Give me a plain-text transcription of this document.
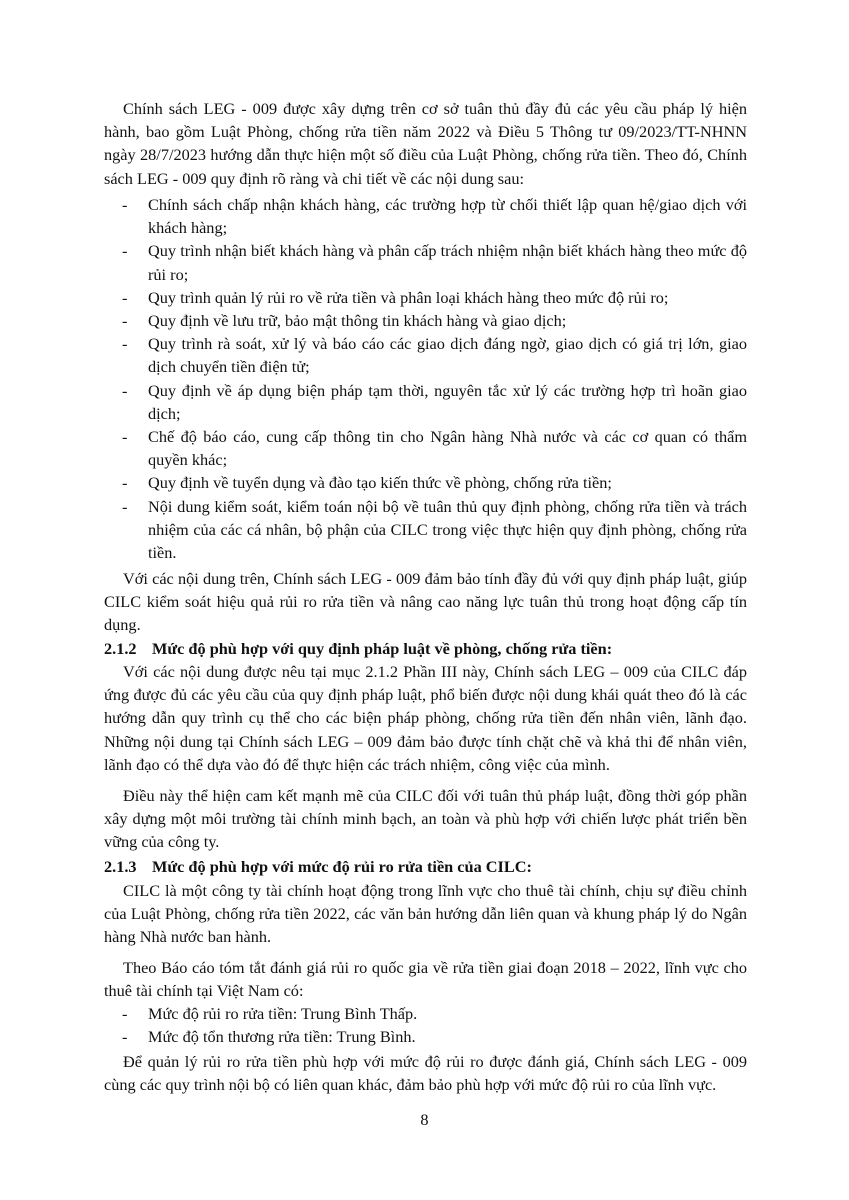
Chính sách LEG - 009 được xây dựng trên cơ sở tuân thủ đầy đủ các yêu cầu pháp lý hiện hành, bao gồm Luật Phòng, chống rửa tiền năm 2022 và Điều 5 Thông tư 09/2023/TT-NHNN ngày 28/7/2023 hướng dẫn thực hiện một số điều của Luật Phòng, chống rửa tiền. Theo đó, Chính sách LEG - 009 quy định rõ ràng và chi tiết về các nội dung sau:

- Chính sách chấp nhận khách hàng, các trường hợp từ chối thiết lập quan hệ/giao dịch với khách hàng;
- Quy trình nhận biết khách hàng và phân cấp trách nhiệm nhận biết khách hàng theo mức độ rủi ro;
- Quy trình quản lý rủi ro về rửa tiền và phân loại khách hàng theo mức độ rủi ro;
- Quy định về lưu trữ, bảo mật thông tin khách hàng và giao dịch;
- Quy trình rà soát, xử lý và báo cáo các giao dịch đáng ngờ, giao dịch có giá trị lớn, giao dịch chuyển tiền điện tử;
- Quy định về áp dụng biện pháp tạm thời, nguyên tắc xử lý các trường hợp trì hoãn giao dịch;
- Chế độ báo cáo, cung cấp thông tin cho Ngân hàng Nhà nước và các cơ quan có thẩm quyền khác;
- Quy định về tuyển dụng và đào tạo kiến thức về phòng, chống rửa tiền;
- Nội dung kiểm soát, kiểm toán nội bộ về tuân thủ quy định phòng, chống rửa tiền và trách nhiệm của các cá nhân, bộ phận của CILC trong việc thực hiện quy định phòng, chống rửa tiền.

Với các nội dung trên, Chính sách LEG - 009 đảm bảo tính đầy đủ với quy định pháp luật, giúp CILC kiểm soát hiệu quả rủi ro rửa tiền và nâng cao năng lực tuân thủ trong hoạt động cấp tín dụng.

2.1.2 Mức độ phù hợp với quy định pháp luật về phòng, chống rửa tiền:

Với các nội dung được nêu tại mục 2.1.2 Phần III này, Chính sách LEG – 009 của CILC đáp ứng được đủ các yêu cầu của quy định pháp luật, phổ biến được nội dung khái quát theo đó là các hướng dẫn quy trình cụ thể cho các biện pháp phòng, chống rửa tiền đến nhân viên, lãnh đạo. Những nội dung tại Chính sách LEG – 009 đảm bảo được tính chặt chẽ và khả thi để nhân viên, lãnh đạo có thể dựa vào đó để thực hiện các trách nhiệm, công việc của mình.

Điều này thể hiện cam kết mạnh mẽ của CILC đối với tuân thủ pháp luật, đồng thời góp phần xây dựng một môi trường tài chính minh bạch, an toàn và phù hợp với chiến lược phát triển bền vững của công ty.

2.1.3 Mức độ phù hợp với mức độ rủi ro rửa tiền của CILC:

CILC là một công ty tài chính hoạt động trong lĩnh vực cho thuê tài chính, chịu sự điều chỉnh của Luật Phòng, chống rửa tiền 2022, các văn bản hướng dẫn liên quan và khung pháp lý do Ngân hàng Nhà nước ban hành.

Theo Báo cáo tóm tắt đánh giá rủi ro quốc gia về rửa tiền giai đoạn 2018 – 2022, lĩnh vực cho thuê tài chính tại Việt Nam có:

- Mức độ rủi ro rửa tiền: Trung Bình Thấp.
- Mức độ tổn thương rửa tiền: Trung Bình.

Để quản lý rủi ro rửa tiền phù hợp với mức độ rủi ro được đánh giá, Chính sách LEG - 009 cùng các quy trình nội bộ có liên quan khác, đảm bảo phù hợp với mức độ rủi ro của lĩnh vực.

8
